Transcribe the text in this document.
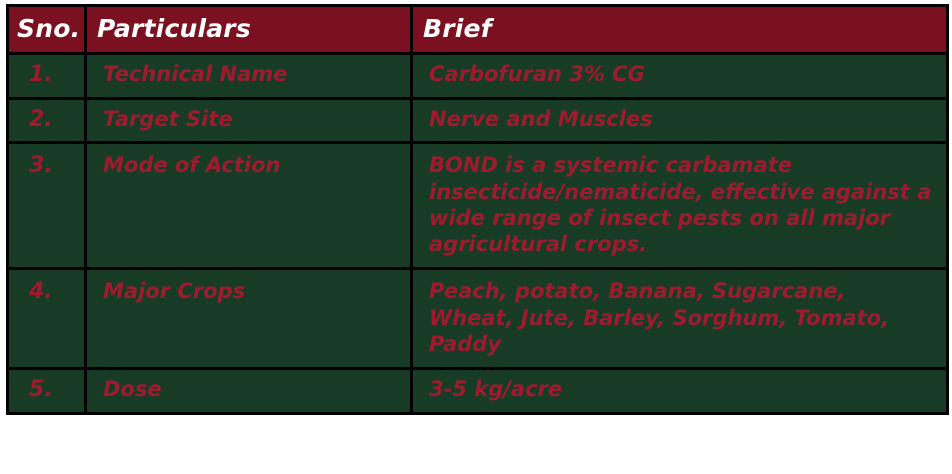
Sno.	Particulars	Brief
1.	Technical Name	Carbofuran 3% CG
2.	Target Site	Nerve and Muscles
3.	Mode of Action	BOND is a systemic carbamate insecticide/nematicide, effective against a wide range of insect pests on all major agricultural crops.
4.	Major Crops	Peach, potato, Banana, Sugarcane, Wheat, Jute, Barley, Sorghum, Tomato, Paddy
5.	Dose	3-5 kg/acre
